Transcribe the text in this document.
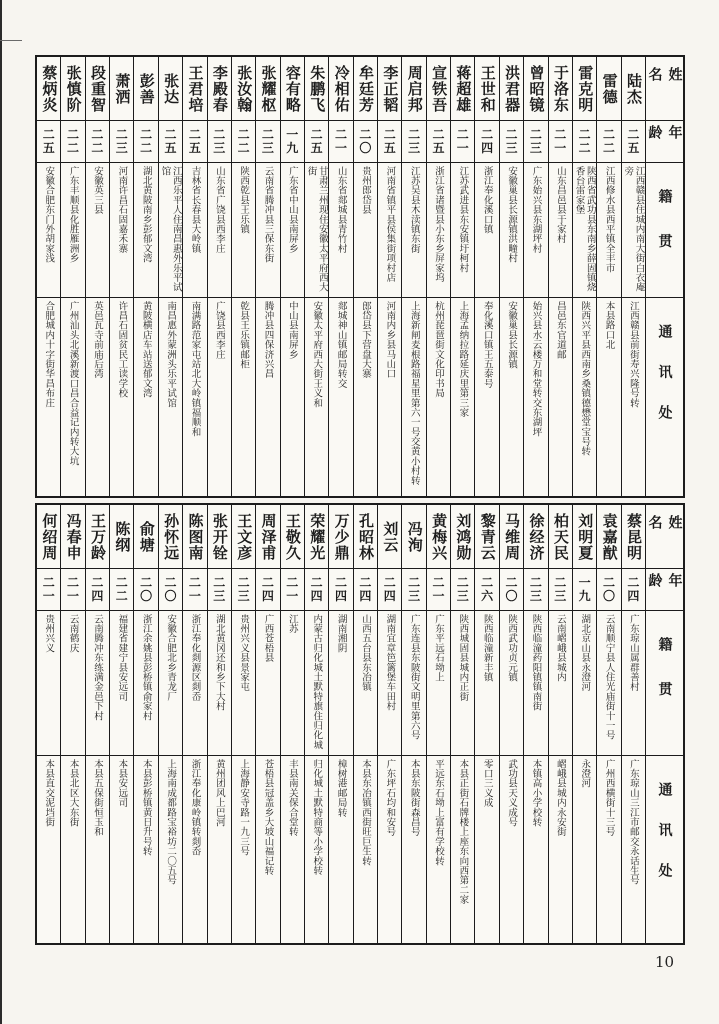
姓名
年龄
籍贯
通讯处
陆杰
二五
江西赣县住城内南大街白衣庵旁
江西赣县前街寿兴隆号转
雷德
二二
江西修水县西平镇全丰市
本县路口北
雷克明
二二
陕西省武功县东南乡薛固镇烧香台雷家堡
陕西兴平县西南乡桑镇德懋堂宝号转
于洛东
二一
山东昌邑县于家村
昌邑东官道邮
曾昭镜
二三
广东始兴县东湖坪村
始兴县水云楼万和堂转交东湖坪
洪君器
二三
安徽巢县长源镇洪疃村
安徽巢县长源镇
王世和
二四
浙江奉化溪口镇
奉化溪口镇王五泰号
蒋超雄
二一
江苏武进县东安镇圩柯村
上海孟纳拉路延庆里第三家
宣铁吾
二五
浙江省诸暨县小东乡屏家坞
杭州琵琶街文化印书局
周启邦
二三
江苏吴县木渎镇东街
上海新闸麦根路福星里第六一号交黄小村转
李正韬
二五
河南省镇平县侯集街项村店
河南内乡县马山口
牟廷芳
二〇
贵州郎岱县
郎岱县下营盘大寨
冷相佑
二一
山东省郯城县青竹村
郯城神山镇邮局转交
朱鹏飞
二五
甘肃兰州现住安徽太平府西大街
安徽太平府西大街王义和
容有略
一九
广东省中山县南屏乡
中山县南屏乡
张耀枢
二三
云南省腾冲县三保东街
腾冲县四保济兴昌
张汝翰
二二
陕西乾县王乐镇
乾县王乐镇邮柜
李殿春
二三
山东省广饶县西李庄
广饶县西李庄
王君培
二五
吉林省长春县大岭镇
南满路范家屯站北大岭镇福顺和
张达
二五
江西乐平人住南昌惠外乐平试馆
南昌惠外蒙洲头乐平试馆
彭善
二二
湖北黄陂南乡彭郁文湾
黄陂横店车站送郁文湾
萧洒
二三
河南许昌石固嘉禾寨
许昌石固贫民工读学校
段重智
二二
安徽英三县
英邑瓦寺前庙后湾
张慎阶
二二
广东丰顺县化胜雁洲乡
广州汕头北溪新渡口昌合益记内转大坑
蔡炳炎
二五
安徽合肥东门外胡家浅
合肥城内十字街华昌布庄
姓名
年龄
籍贯
通讯处
蔡昆明
二四
广东琼山属群善村
广东琼山三江市邮交永话生号
袁嘉猷
二〇
云南顺宁县人住光庙街十一号
广州西横街十三号
刘明夏
一九
湖北京山县永澄河
永澄河
柏天民
二三
云南嶍峨县城内
嶍峨县城内永安街
徐经济
二三
陕西临潼药阳镇镇南街
本镇高小学校转
马维周
二〇
陕西武功贞元镇
武功县天义成号
黎青云
二六
陕西临潼新丰镇
零口三义成
刘鸿勋
二三
陕西城固县城内正街
本县正街石牌楼上座东向西第二家
黄梅兴
二一
广东平远石坳上
平远东石坳上富有学校转
冯洵
二三
广东连县东陂街文明里第六号
本县东陂街森昌号
刘云
二四
湖南宜章笆篱堡车田村
广东坪石均和安号
孔昭林
二四
山西五台县东冶镇
本县东冶镇西街旺巨生转
万少鼎
二四
湖南湘阴
樟树港邮局转
荣耀光
二四
内蒙古归化城土默特旗住归化城
归化城土默特商等小学校转
王敬久
二一
江苏
丰县南关保合堂转
周泽甫
二四
广西苍梧县
苍梧县冠盖乡大坡山福记转
王文彦
二三
贵州兴义县景家屯
上海静安寺路一九三号
张开铨
二三
湖北黄冈还和乡下大村
黄州团风上巴河
陈图南
二一
浙江奉化剡源区剡岙
浙江奉化康岭镇转剡岙
孙怀远
二〇
安徽合肥北乡青龙厂
上海南成都路宝裕坊二〇五号
俞塘
二〇
浙江余姚县彭桥镇俞家村
本县彭桥镇黄日升号转
陈纲
二二
福建省建宁县安远司
本县安远司
王万龄
二四
云南腾冲东练满金邑下村
本县五保街恒玉和
冯春申
二一
云南鹤庆
本县北区大东街
何绍周
二一
贵州兴义
本县直交泥垱街
10
